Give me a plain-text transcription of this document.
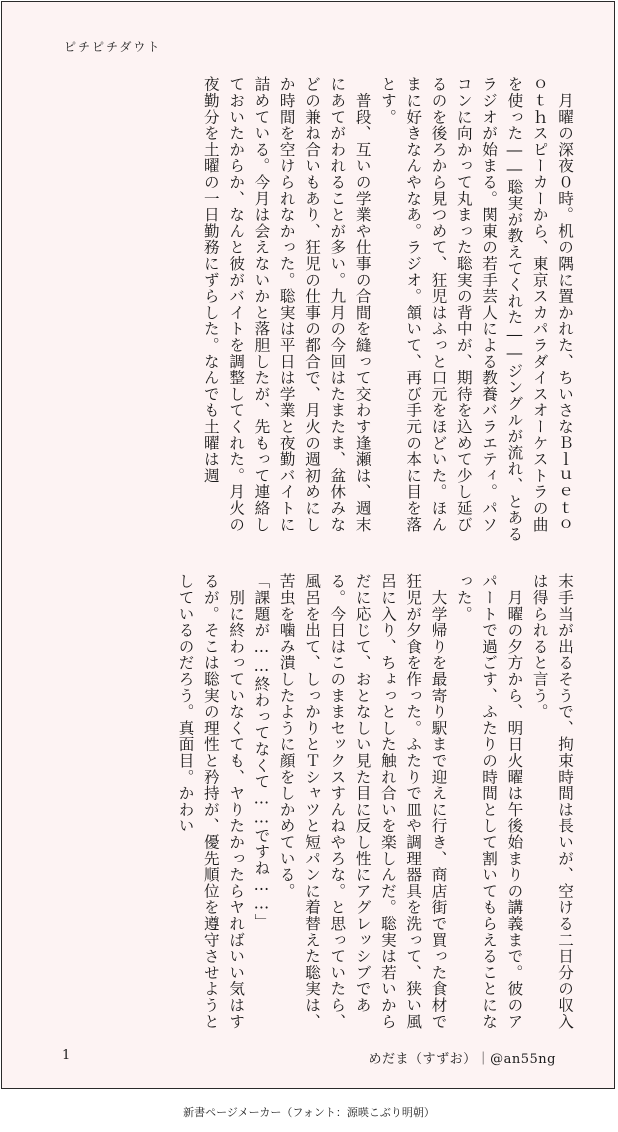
ピチピチダウト

　月曜の深夜０時。机の隅に置かれた、ちいさなＢｌｕｅｔｏｏｔｈスピーカーから、東京スカパラダイスオーケストラの曲を使った――聡実が教えてくれた――ジングルが流れ、とあるラジオが始まる。関東の若手芸人による教養バラエティ。パソコンに向かって丸まった聡実の背中が、期待を込めて少し延びるのを後ろから見つめて、狂児はふっと口元をほどいた。ほんまに好きなんやなあ。ラジオ。頷いて、再び手元の本に目を落とす。

　普段、互いの学業や仕事の合間を縫って交わす逢瀬は、週末にあてがわれることが多い。九月の今回はたまたま、盆休みなどの兼ね合いもあり、狂児の仕事の都合で、月火の週初めにしか時間を空けられなかった。聡実は平日は学業と夜勤バイトに詰めている。今月は会えないかと落胆したが、先もって連絡しておいたからか、なんと彼がバイトを調整してくれた。月火の夜勤分を土曜の一日勤務にずらした。なんでも土曜は週

末手当が出るそうで、拘束時間は長いが、空ける二日分の収入は得られると言う。

　月曜の夕方から、明日火曜は午後始まりの講義まで。彼のアパートで過ごす、ふたりの時間として割いてもらえることになった。

　大学帰りを最寄り駅まで迎えに行き、商店街で買った食材で狂児が夕食を作った。ふたりで皿や調理器具を洗って、狭い風呂に入り、ちょっとした触れ合いを楽しんだ。聡実は若いからだに応じて、おとなしい見た目に反し性にアグレッシブである。今日はこのままセックスすんねやろな。と思っていたら、風呂を出て、しっかりとＴシャツと短パンに着替えた聡実は、苦虫を噛み潰したように顔をしかめている。

「課題が……終わってなくて……ですね……」

　別に終わっていなくても、ヤりたかったらヤればいい気はするが。そこは聡実の理性と矜持が、優先順位を遵守させようとしているのだろう。真面目。かわい

1	めだま（すずお）｜@an55ng
新書ページメーカー（フォント：源暎こぶり明朝）
